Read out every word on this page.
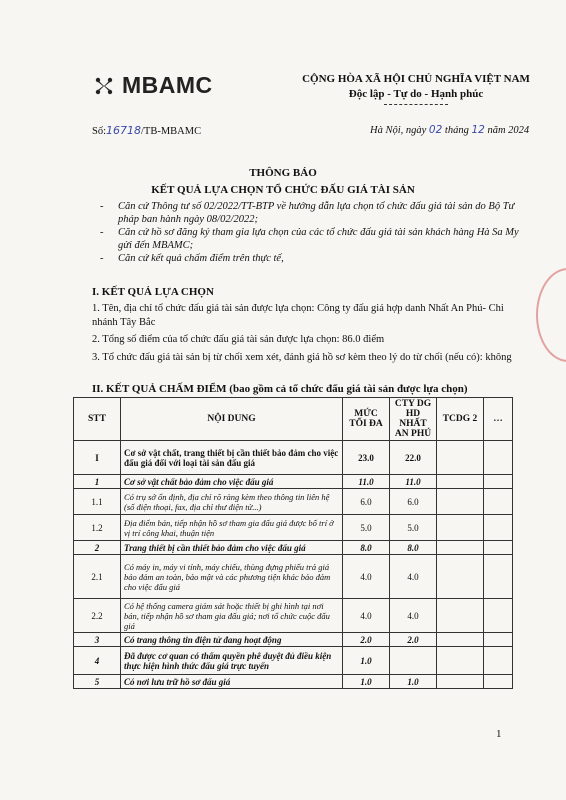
MBAMC	CỘNG HÒA XÃ HỘI CHỦ NGHĨA VIỆT NAM
Độc lập - Tự do - Hạnh phúc
Số:16718/TB-MBAMC	Hà Nội, ngày 02 tháng 12 năm 2024
THÔNG BÁO
KẾT QUẢ LỰA CHỌN TỔ CHỨC ĐẤU GIÁ TÀI SẢN
-	Căn cứ Thông tư số 02/2022/TT-BTP về hướng dẫn lựa chọn tổ chức đấu giá tài sản do Bộ Tư pháp ban hành ngày 08/02/2022;
-	Căn cứ hồ sơ đăng ký tham gia lựa chọn của các tổ chức đấu giá tài sản khách hàng Hà Sa My gửi đến MBAMC;
-	Căn cứ kết quả chấm điểm trên thực tế,
I. KẾT QUẢ LỰA CHỌN
1. Tên, địa chỉ tổ chức đấu giá tài sản được lựa chọn: Công ty đấu giá hợp danh Nhất An Phú- Chi nhánh Tây Bắc
2. Tổng số điểm của tổ chức đấu giá tài sản được lựa chọn: 86.0 điểm
3. Tổ chức đấu giá tài sản bị từ chối xem xét, đánh giá hồ sơ kèm theo lý do từ chối (nếu có): không
II. KẾT QUẢ CHẤM ĐIỂM (bao gồm cả tổ chức đấu giá tài sản được lựa chọn)
STT	NỘI DUNG	MỨC TỐI ĐA	CTY DG HD NHẤT AN PHÚ	TCDG 2	…
I	Cơ sở vật chất, trang thiết bị cần thiết bảo đảm cho việc đấu giá đối với loại tài sản đấu giá	23.0	22.0		
1	Cơ sở vật chất bảo đảm cho việc đấu giá	11.0	11.0		
1.1	Có trụ sở ổn định, địa chỉ rõ ràng kèm theo thông tin liên hệ (số điện thoại, fax, địa chỉ thư điện tử...)	6.0	6.0		
1.2	Địa điểm bán, tiếp nhận hồ sơ tham gia đấu giá được bố trí ở vị trí công khai, thuận tiện	5.0	5.0		
2	Trang thiết bị cần thiết bảo đảm cho việc đấu giá	8.0	8.0		
2.1	Có máy in, máy vi tính, máy chiếu, thùng đựng phiếu trả giá bảo đảm an toàn, bảo mật và các phương tiện khác bảo đảm cho việc đấu giá	4.0	4.0		
2.2	Có hệ thống camera giám sát hoặc thiết bị ghi hình tại nơi bán, tiếp nhận hồ sơ tham gia đấu giá; nơi tổ chức cuộc đấu giá	4.0	4.0		
3	Có trang thông tin điện tử đang hoạt động	2.0	2.0		
4	Đã được cơ quan có thẩm quyền phê duyệt đủ điều kiện thực hiện hình thức đấu giá trực tuyến	1.0			
5	Có nơi lưu trữ hồ sơ đấu giá	1.0	1.0		
1
